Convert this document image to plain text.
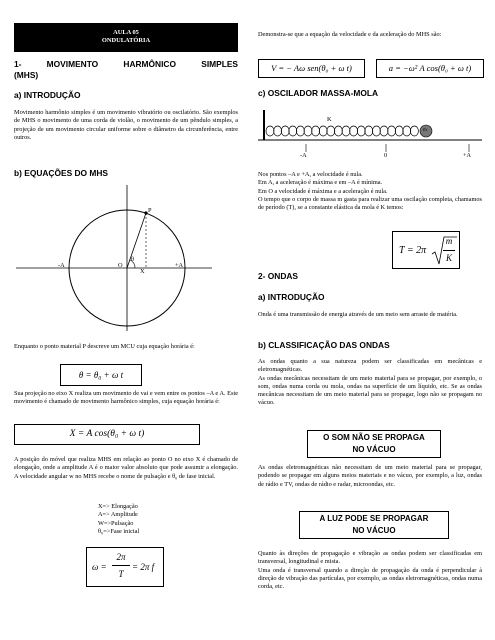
AULA 05
ONDULATÓRIA
1- MOVIMENTO HARMÔNICO SIMPLES
(MHS)
a) INTRODUÇÃO
Movimento harmônio simples é um movimento vibratório ou oscilatório. São exemplos de MHS o movimento de uma corda de violão, o movimento de um pêndulo simples, a projeção de um movimento circular uniforme sobre o diâmetro da circunferência, entre outros.
b) EQUAÇÕES DO MHS
P
θ
X
-A	O	+A
Enquanto o ponto material P descreve um MCU cuja equação horária é:
θ = θ₀ + ω t
Sua projeção no eixo X realiza um movimento de vai e vem entre os pontos –A e A. Este movimento é chamado de movimento harmônico simples, cuja equação horária é:
X = A cos(θ₀ + ω t)
A posição do móvel que realiza MHS em relação ao ponto O no eixo X é chamado de elongação, onde a amplitude A é o maior valor absoluto que pode assumir a elongação. A velocidade angular w no MHS recebe o nome de pulsação e θ₀ de fase inicial.
X=> Elongação
A=> Amplitude
W=>Pulsação
θ₀=>Fase inicial
ω =
2π
T
= 2π f
Demonstra-se que a equação da velocidade e da aceleração do MHS são:
V = − Aω sen(θ₀ + ω t)	a = −ω² A cos(θ₀ + ω t)
c) OSCILADOR MASSA-MOLA
K
m
-A	0	+A
Nos pontos –A e +A, a velocidade é nula.
Em A, a aceleração é máxima e em –A é mínima.
Em O a velocidade é máxima e a aceleração é nula.
O tempo que o corpo de massa m gasta para realizar uma oscilação completa, chamamos de período (T), se a constante elástica da mola é K temos:
T = 2π
m
K
2- ONDAS
a) INTRODUÇÃO
Onda é uma transmissão de energia através de um meio sem arraste de matéria.
b) CLASSIFICAÇÃO DAS ONDAS
As ondas quanto a sua natureza podem ser classificadas em mecânicas e eletromagnéticas.
As ondas mecânicas necessitam de um meio material para se propagar, por exemplo, o som, ondas numa corda ou mola, ondas na superfície de um líquido, etc. Se as ondas mecânicas necessitam de um meio material para se propagar, logo não se propagam no vácuo.
O SOM NÃO SE PROPAGA
NO VÁCUO
As ondas eletromagnéticas não necessitam de um meio material para se propagar, podendo se propagar em alguns meios materiais e no vácuo, por exemplo, a luz, ondas de rádio e TV, ondas de rádio e radar, microondas, etc.
A LUZ PODE SE PROPAGAR
NO VÁCUO
Quanto às direções de propagação e vibração as ondas podem ser classificadas em transversal, longitudinal e mista.
Uma onda é transversal quando a direção de propagação da onda é perpendicular à direção de vibração das partículas, por exemplo, as ondas eletromagnéticas, ondas numa corda, etc.
